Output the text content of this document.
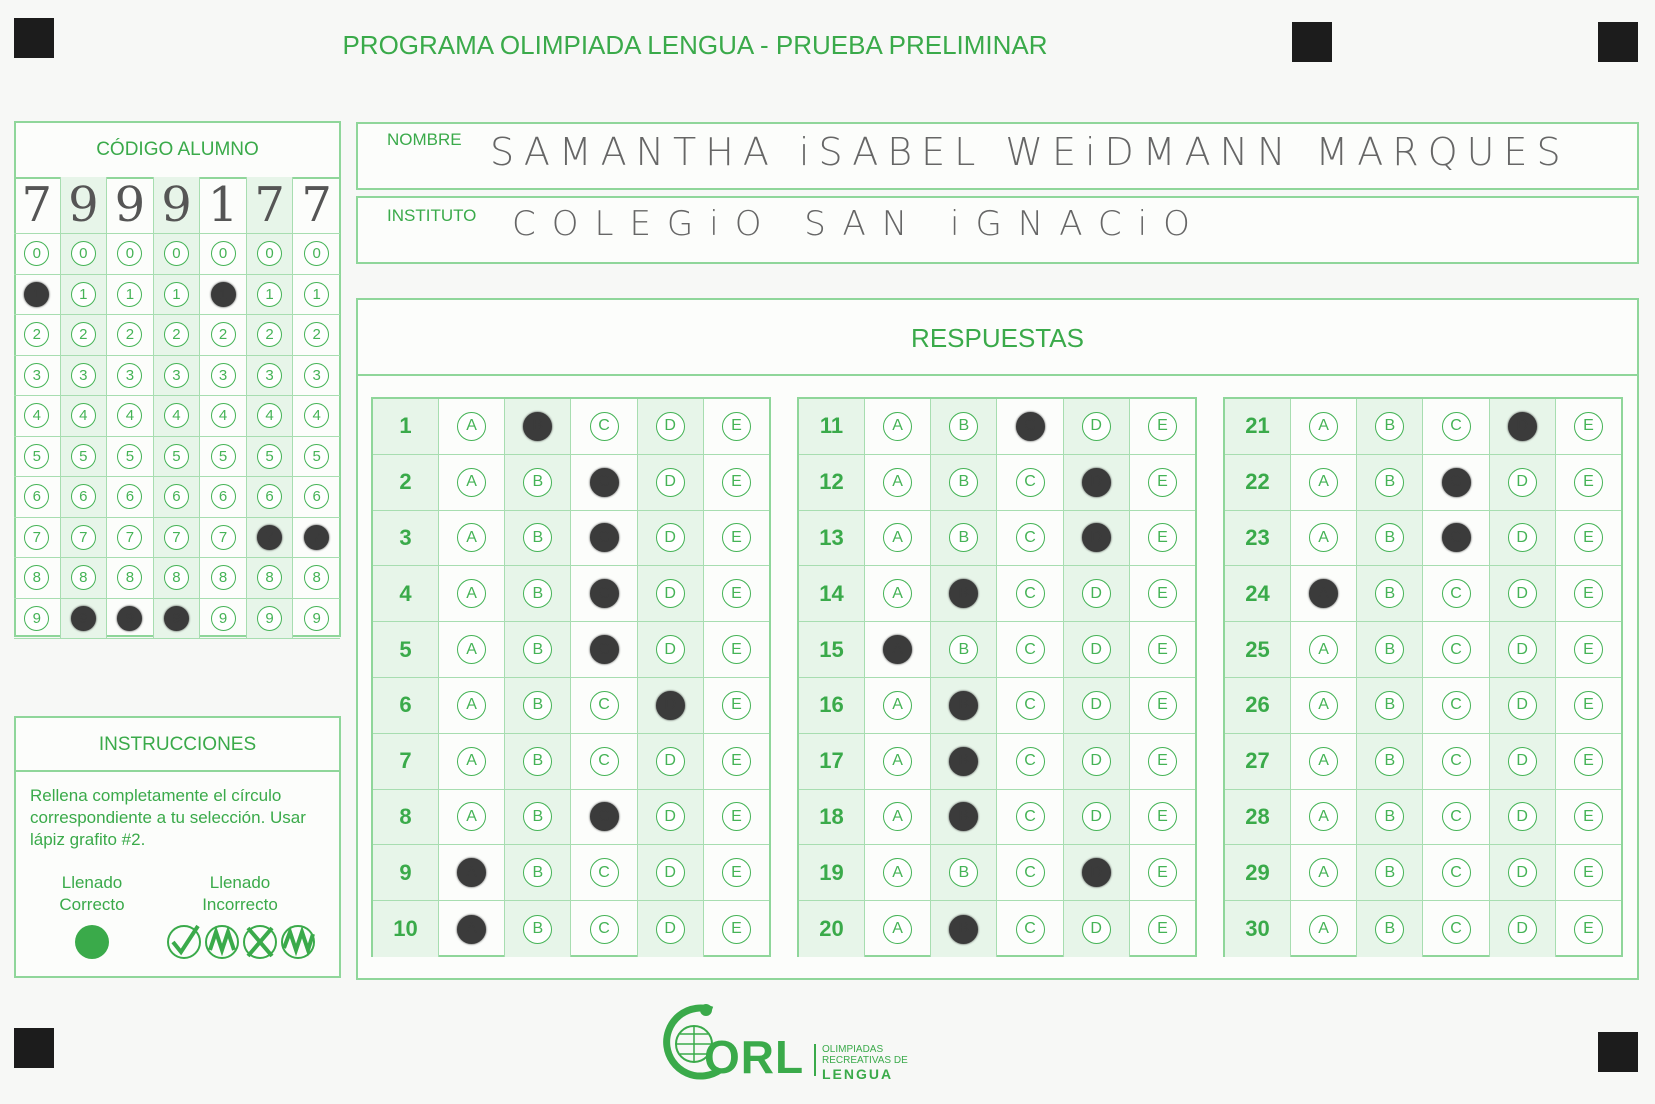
PROGRAMA OLIMPIADA LENGUA - PRUEBA PRELIMINAR
CÓDIGO ALUMNO
7 9 9 9 1 7 7
0	0	0	0	0	0	0
1	1	1	1	1	1	1
2	2	2	2	2	2	2
3	3	3	3	3	3	3
4	4	4	4	4	4	4
5	5	5	5	5	5	5
6	6	6	6	6	6	6
7	7	7	7	7	7	7
8	8	8	8	8	8	8
9	9	9	9	9	9	9
NOMBRE SAMANTHA iSABEL WEiDMANN MARQUES
INSTITUTO COLEGiO SAN iGNACiO
RESPUESTAS
1	A	B	C	D	E
2	A	B	C	D	E
3	A	B	C	D	E
4	A	B	C	D	E
5	A	B	C	D	E
6	A	B	C	D	E
7	A	B	C	D	E
8	A	B	C	D	E
9	A	B	C	D	E
10	A	B	C	D	E
11	A	B	C	D	E
12	A	B	C	D	E
13	A	B	C	D	E
14	A	B	C	D	E
15	A	B	C	D	E
16	A	B	C	D	E
17	A	B	C	D	E
18	A	B	C	D	E
19	A	B	C	D	E
20	A	B	C	D	E
21	A	B	C	D	E
22	A	B	C	D	E
23	A	B	C	D	E
24	A	B	C	D	E
25	A	B	C	D	E
26	A	B	C	D	E
27	A	B	C	D	E
28	A	B	C	D	E
29	A	B	C	D	E
30	A	B	C	D	E
INSTRUCCIONES
Rellena completamente el círculo correspondiente a tu selección. Usar lápiz grafito #2.
Llenado Correcto
Llenado Incorrecto
ORL OLIMPIADAS
RECREATIVAS DE
LENGUA
